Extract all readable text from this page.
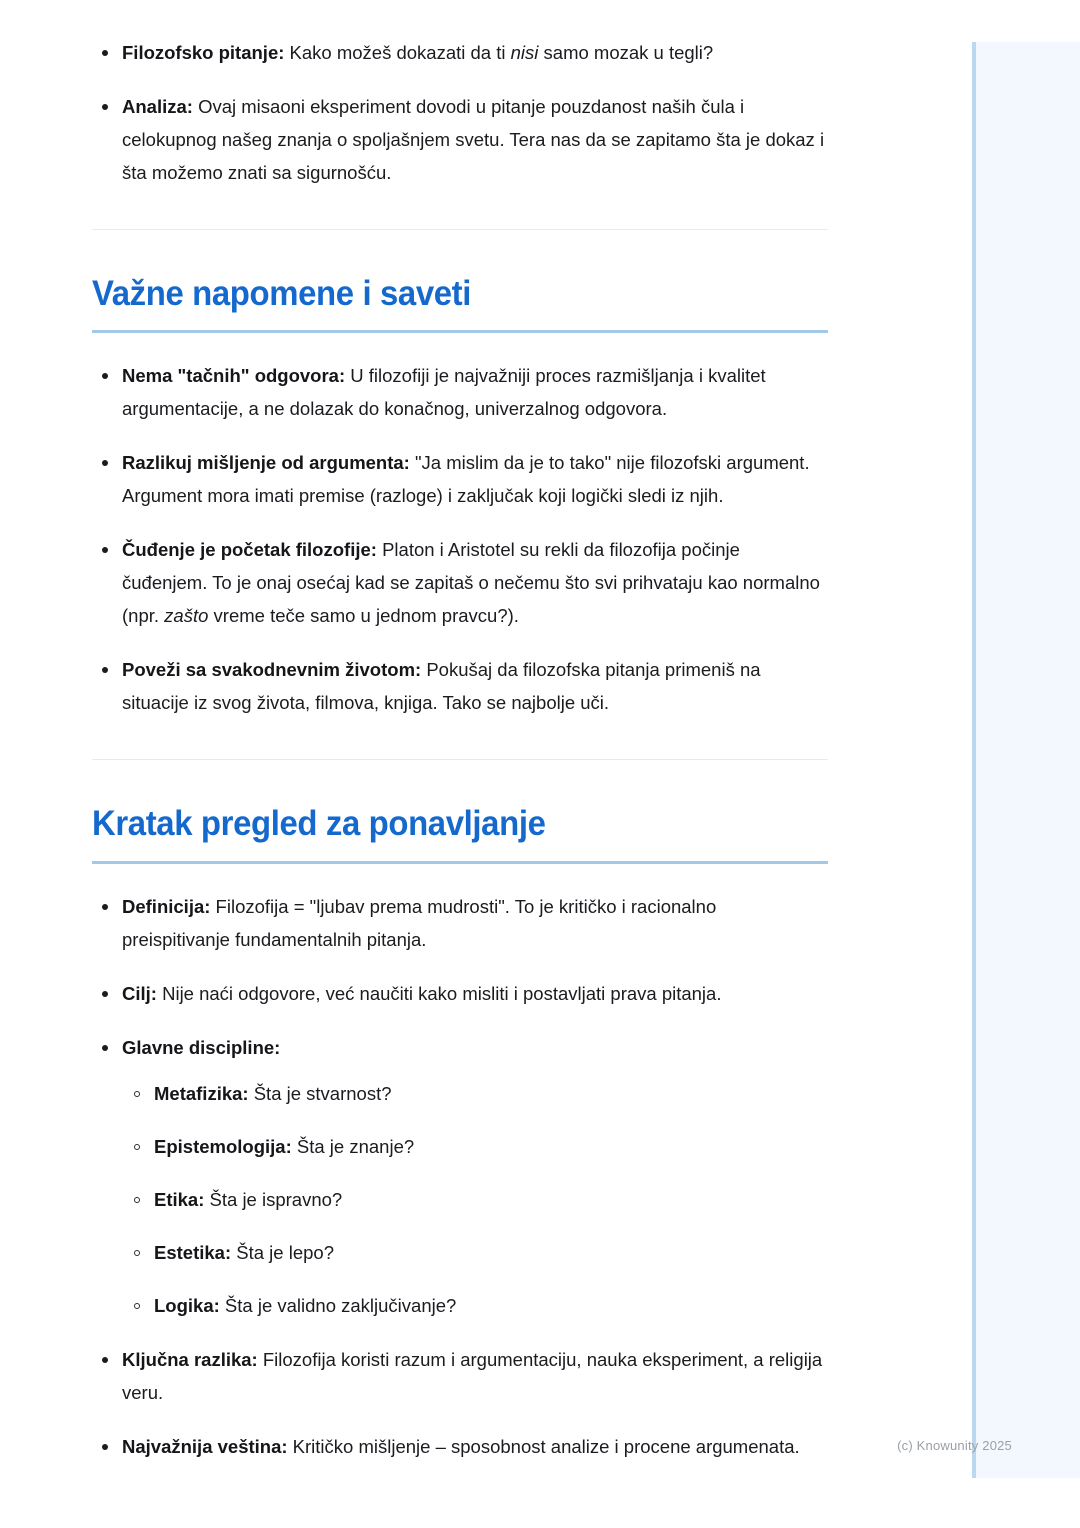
Filozofsko pitanje: Kako možeš dokazati da ti nisi samo mozak u tegli?
Analiza: Ovaj misaoni eksperiment dovodi u pitanje pouzdanost naših čula i celokupnog našeg znanja o spoljašnjem svetu. Tera nas da se zapitamo šta je dokaz i šta možemo znati sa sigurnošću.
Važne napomene i saveti
Nema "tačnih" odgovora: U filozofiji je najvažniji proces razmišljanja i kvalitet argumentacije, a ne dolazak do konačnog, univerzalnog odgovora.
Razlikuj mišljenje od argumenta: "Ja mislim da je to tako" nije filozofski argument. Argument mora imati premise (razloge) i zaključak koji logički sledi iz njih.
Čuđenje je početak filozofije: Platon i Aristotel su rekli da filozofija počinje čuđenjem. To je onaj osećaj kad se zapitaš o nečemu što svi prihvataju kao normalno (npr. zašto vreme teče samo u jednom pravcu?).
Poveži sa svakodnevnim životom: Pokušaj da filozofska pitanja primeniš na situacije iz svog života, filmova, knjiga. Tako se najbolje uči.
Kratak pregled za ponavljanje
Definicija: Filozofija = "ljubav prema mudrosti". To je kritičko i racionalno preispitivanje fundamentalnih pitanja.
Cilj: Nije naći odgovore, već naučiti kako misliti i postavljati prava pitanja.
Glavne discipline:
Metafizika: Šta je stvarnost?
Epistemologija: Šta je znanje?
Etika: Šta je ispravno?
Estetika: Šta je lepo?
Logika: Šta je validno zaključivanje?
Ključna razlika: Filozofija koristi razum i argumentaciju, nauka eksperiment, a religija veru.
Najvažnija veština: Kritičko mišljenje – sposobnost analize i procene argumenata.	(c) Knowunity 2025
